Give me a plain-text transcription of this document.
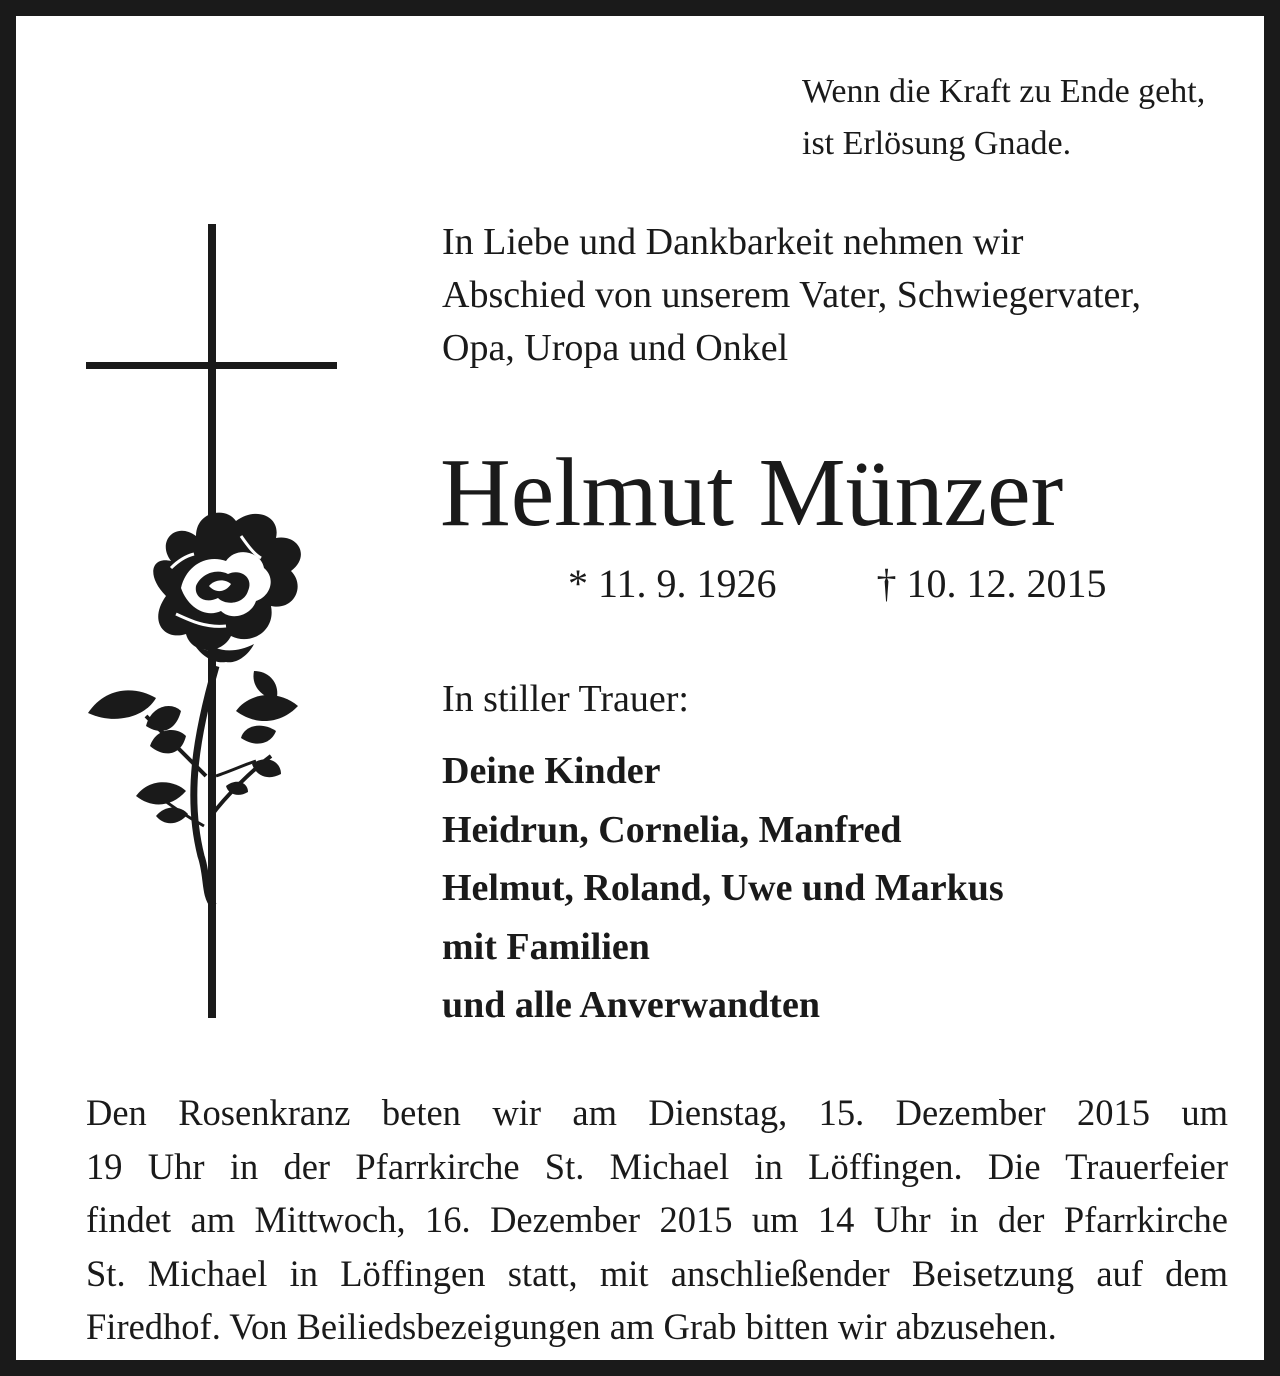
Wenn die Kraft zu Ende geht,
ist Erlösung Gnade.
In Liebe und Dankbarkeit nehmen wir
Abschied von unserem Vater, Schwiegervater,
Opa, Uropa und Onkel
Helmut Münzer
* 11. 9. 1926	† 10. 12. 2015
In stiller Trauer:
Deine Kinder
Heidrun, Cornelia, Manfred
Helmut, Roland, Uwe und Markus
mit Familien
und alle Anverwandten
Den Rosenkranz beten wir am Dienstag, 15. Dezember 2015 um
19 Uhr in der Pfarrkirche St. Michael in Löffingen. Die Trauerfeier
findet am Mittwoch, 16. Dezember 2015 um 14 Uhr in der Pfarrkirche
St. Michael in Löffingen statt, mit anschließender Beisetzung auf dem
Firedhof. Von Beiliedsbezeigungen am Grab bitten wir abzusehen.
